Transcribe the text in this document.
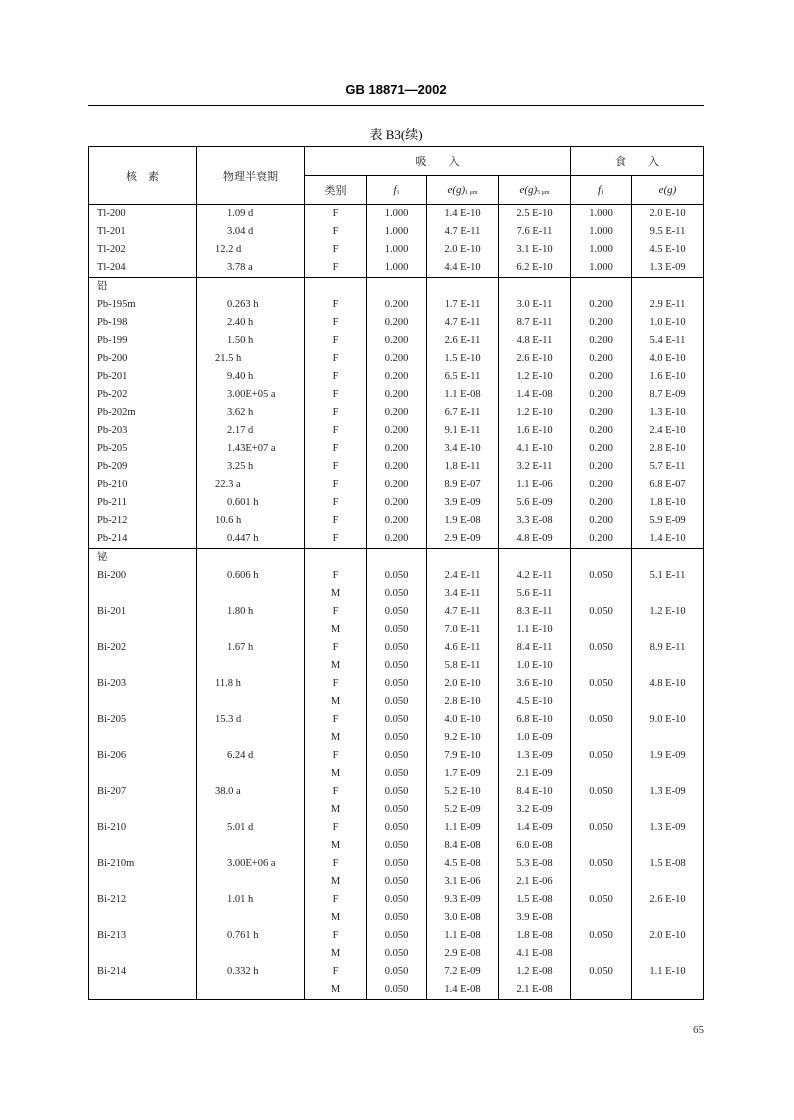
GB 18871—2002
表 B3(续)
核　素	物理半衰期	吸　　入				食　　入	
		类别	f1	e(g)1 μm	e(g)5 μm	f1	e(g)
Tl-200	1.09 d	F	1.000	1.4 E-10	2.5 E-10	1.000	2.0 E-10
Tl-201	3.04 d	F	1.000	4.7 E-11	7.6 E-11	1.000	9.5 E-11
Tl-202	12.2 d	F	1.000	2.0 E-10	3.1 E-10	1.000	4.5 E-10
Tl-204	3.78 a	F	1.000	4.4 E-10	6.2 E-10	1.000	1.3 E-09
铅							
Pb-195m	0.263 h	F	0.200	1.7 E-11	3.0 E-11	0.200	2.9 E-11
Pb-198	2.40 h	F	0.200	4.7 E-11	8.7 E-11	0.200	1.0 E-10
Pb-199	1.50 h	F	0.200	2.6 E-11	4.8 E-11	0.200	5.4 E-11
Pb-200	21.5 h	F	0.200	1.5 E-10	2.6 E-10	0.200	4.0 E-10
Pb-201	9.40 h	F	0.200	6.5 E-11	1.2 E-10	0.200	1.6 E-10
Pb-202	3.00E+05 a	F	0.200	1.1 E-08	1.4 E-08	0.200	8.7 E-09
Pb-202m	3.62 h	F	0.200	6.7 E-11	1.2 E-10	0.200	1.3 E-10
Pb-203	2.17 d	F	0.200	9.1 E-11	1.6 E-10	0.200	2.4 E-10
Pb-205	1.43E+07 a	F	0.200	3.4 E-10	4.1 E-10	0.200	2.8 E-10
Pb-209	3.25 h	F	0.200	1.8 E-11	3.2 E-11	0.200	5.7 E-11
Pb-210	22.3 a	F	0.200	8.9 E-07	1.1 E-06	0.200	6.8 E-07
Pb-211	0.601 h	F	0.200	3.9 E-09	5.6 E-09	0.200	1.8 E-10
Pb-212	10.6 h	F	0.200	1.9 E-08	3.3 E-08	0.200	5.9 E-09
Pb-214	0.447 h	F	0.200	2.9 E-09	4.8 E-09	0.200	1.4 E-10
铋							
Bi-200	0.606 h	F	0.050	2.4 E-11	4.2 E-11	0.050	5.1 E-11
		M	0.050	3.4 E-11	5.6 E-11		
Bi-201	1.80 h	F	0.050	4.7 E-11	8.3 E-11	0.050	1.2 E-10
		M	0.050	7.0 E-11	1.1 E-10		
Bi-202	1.67 h	F	0.050	4.6 E-11	8.4 E-11	0.050	8.9 E-11
		M	0.050	5.8 E-11	1.0 E-10		
Bi-203	11.8 h	F	0.050	2.0 E-10	3.6 E-10	0.050	4.8 E-10
		M	0.050	2.8 E-10	4.5 E-10		
Bi-205	15.3 d	F	0.050	4.0 E-10	6.8 E-10	0.050	9.0 E-10
		M	0.050	9.2 E-10	1.0 E-09		
Bi-206	6.24 d	F	0.050	7.9 E-10	1.3 E-09	0.050	1.9 E-09
		M	0.050	1.7 E-09	2.1 E-09		
Bi-207	38.0 a	F	0.050	5.2 E-10	8.4 E-10	0.050	1.3 E-09
		M	0.050	5.2 E-09	3.2 E-09		
Bi-210	5.01 d	F	0.050	1.1 E-09	1.4 E-09	0.050	1.3 E-09
		M	0.050	8.4 E-08	6.0 E-08		
Bi-210m	3.00E+06 a	F	0.050	4.5 E-08	5.3 E-08	0.050	1.5 E-08
		M	0.050	3.1 E-06	2.1 E-06		
Bi-212	1.01 h	F	0.050	9.3 E-09	1.5 E-08	0.050	2.6 E-10
		M	0.050	3.0 E-08	3.9 E-08		
Bi-213	0.761 h	F	0.050	1.1 E-08	1.8 E-08	0.050	2.0 E-10
		M	0.050	2.9 E-08	4.1 E-08		
Bi-214	0.332 h	F	0.050	7.2 E-09	1.2 E-08	0.050	1.1 E-10
		M	0.050	1.4 E-08	2.1 E-08		
65
